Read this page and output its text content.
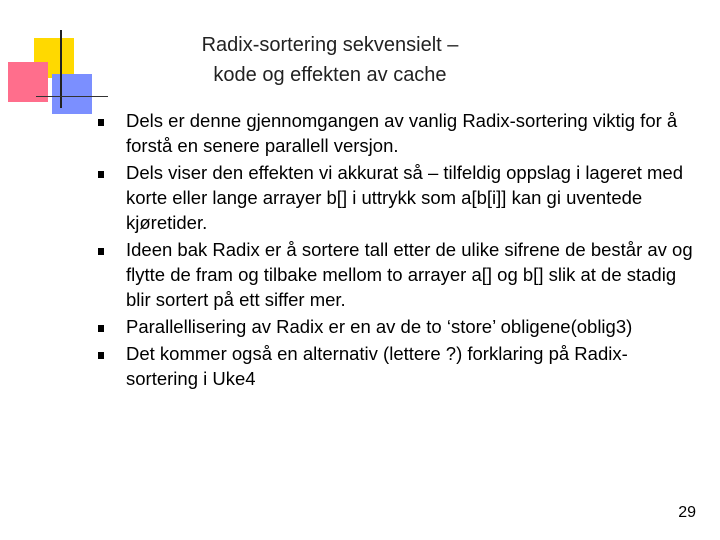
Radix-sortering sekvensielt –
kode og effekten av cache
Dels er denne gjennomgangen av vanlig Radix-sortering viktig for å forstå en senere parallell versjon.
Dels viser den effekten vi akkurat så – tilfeldig oppslag i lageret med korte eller lange arrayer b[] i uttrykk som a[b[i]] kan gi uventede kjøretider.
Ideen bak Radix er å sortere tall etter de ulike sifrene de består av og flytte de fram og tilbake mellom to arrayer a[] og b[] slik at de stadig blir sortert på ett siffer mer.
Parallellisering av Radix er en av de to ‘store’ obligene(oblig3)
Det kommer også en alternativ (lettere ?) forklaring på Radix-sortering i Uke4
29
